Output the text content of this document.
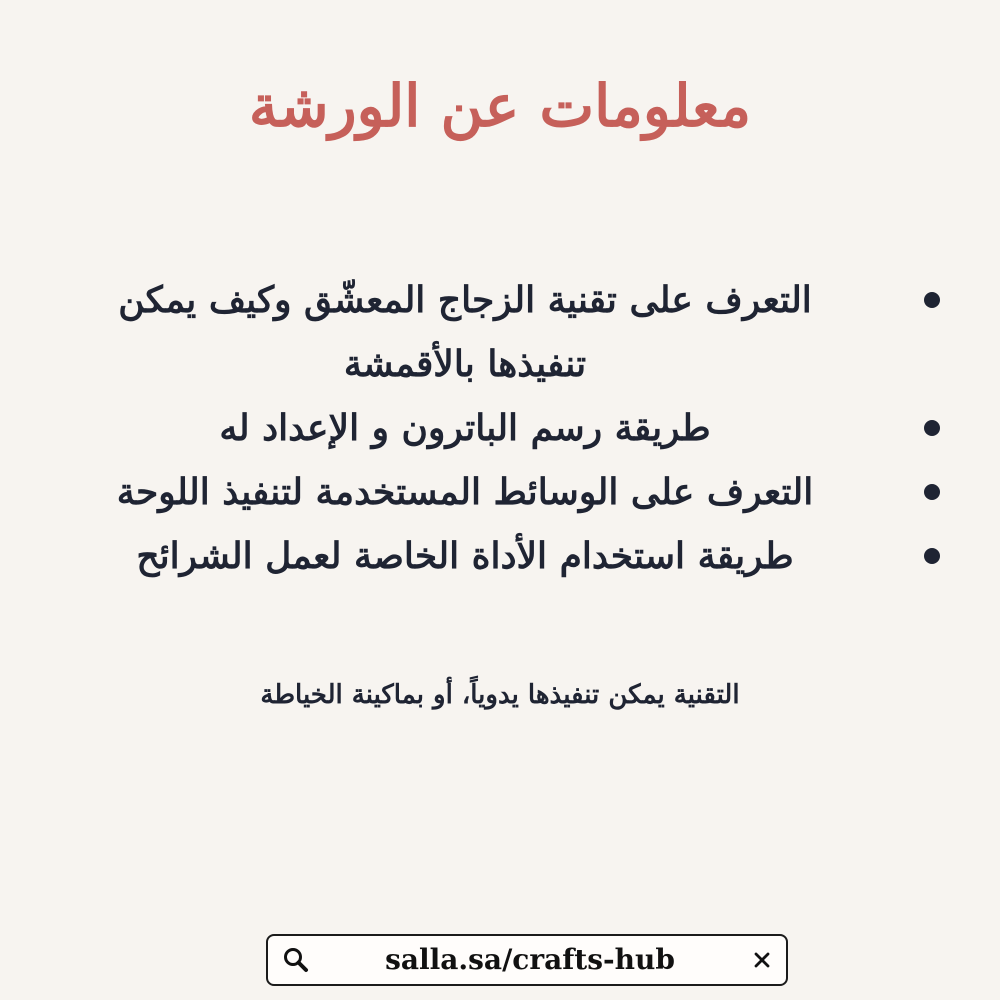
معلومات عن الورشة
التعرف على تقنية الزجاج المعشّق وكيف يمكن تنفيذها بالأقمشة
طريقة رسم الباترون و الإعداد له
التعرف على الوسائط المستخدمة لتنفيذ اللوحة
طريقة استخدام الأداة الخاصة لعمل الشرائح
التقنية يمكن تنفيذها يدوياً، أو بماكينة الخياطة
salla.sa/crafts-hub
